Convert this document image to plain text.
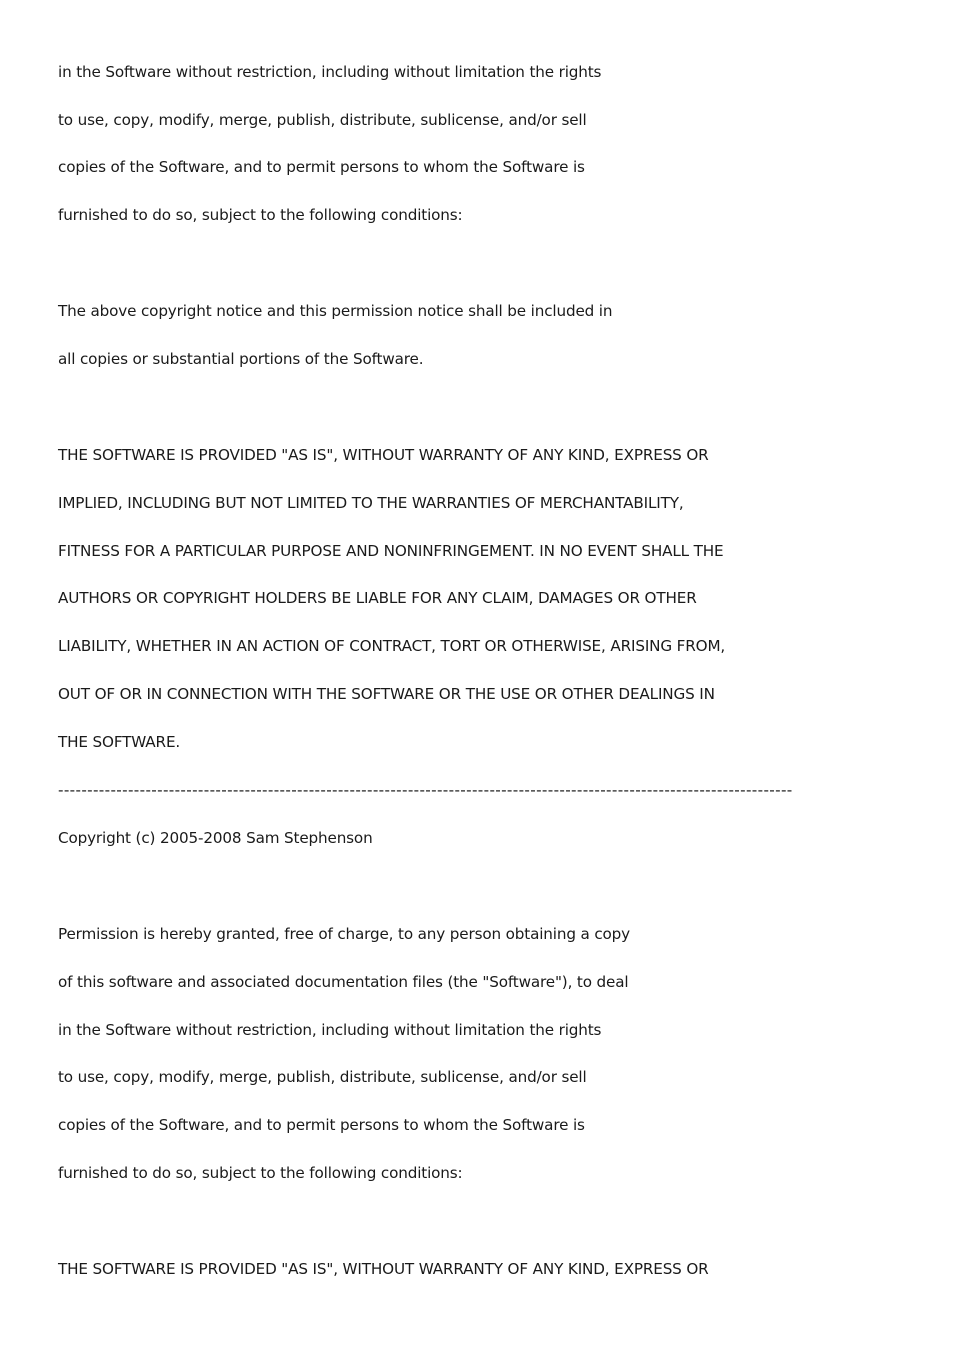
in the Software without restriction, including without limitation the rights
to use, copy, modify, merge, publish, distribute, sublicense, and/or sell
copies of the Software, and to permit persons to whom the Software is
furnished to do so, subject to the following conditions:
The above copyright notice and this permission notice shall be included in
all copies or substantial portions of the Software.
THE SOFTWARE IS PROVIDED "AS IS", WITHOUT WARRANTY OF ANY KIND, EXPRESS OR
IMPLIED, INCLUDING BUT NOT LIMITED TO THE WARRANTIES OF MERCHANTABILITY,
FITNESS FOR A PARTICULAR PURPOSE AND NONINFRINGEMENT. IN NO EVENT SHALL THE
AUTHORS OR COPYRIGHT HOLDERS BE LIABLE FOR ANY CLAIM, DAMAGES OR OTHER
LIABILITY, WHETHER IN AN ACTION OF CONTRACT, TORT OR OTHERWISE, ARISING FROM,
OUT OF OR IN CONNECTION WITH THE SOFTWARE OR THE USE OR OTHER DEALINGS IN
THE SOFTWARE.
------------------------------------------------------------------------------------------------------------------------------
Copyright (c) 2005-2008 Sam Stephenson
Permission is hereby granted, free of charge, to any person obtaining a copy
of this software and associated documentation files (the "Software"), to deal
in the Software without restriction, including without limitation the rights
to use, copy, modify, merge, publish, distribute, sublicense, and/or sell
copies of the Software, and to permit persons to whom the Software is
furnished to do so, subject to the following conditions:
THE SOFTWARE IS PROVIDED "AS IS", WITHOUT WARRANTY OF ANY KIND, EXPRESS OR
